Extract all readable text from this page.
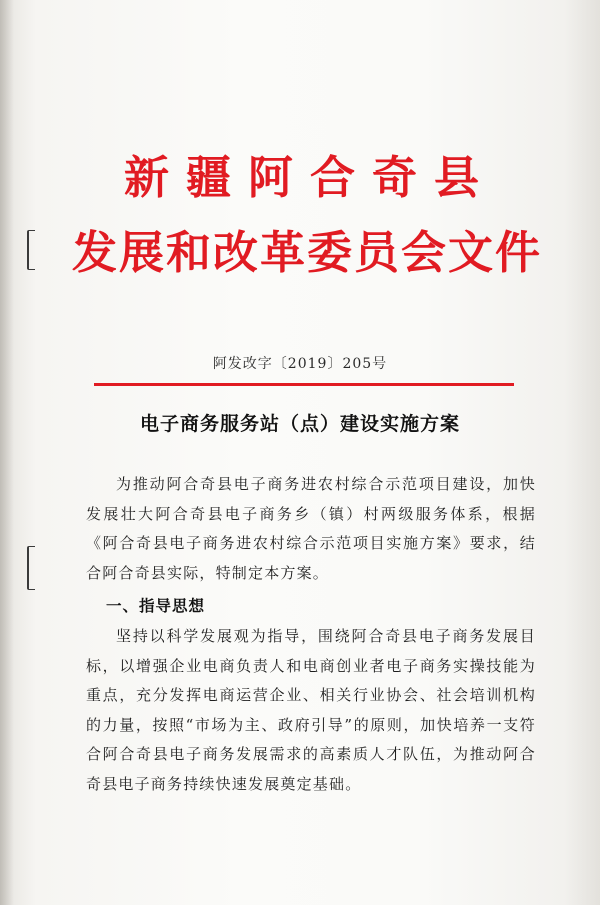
新疆阿合奇县
发展和改革委员会文件
阿发改字〔2019〕205号
电子商务服务站（点）建设实施方案

为推动阿合奇县电子商务进农村综合示范项目建设，加快发展壮大阿合奇县电子商务乡（镇）村两级服务体系，根据《阿合奇县电子商务进农村综合示范项目实施方案》要求，结合阿合奇县实际，特制定本方案。

一、指导思想

坚持以科学发展观为指导，围绕阿合奇县电子商务发展目标，以增强企业电商负责人和电商创业者电子商务实操技能为重点，充分发挥电商运营企业、相关行业协会、社会培训机构的力量，按照“市场为主、政府引导”的原则，加快培养一支符合阿合奇县电子商务发展需求的高素质人才队伍，为推动阿合奇县电子商务持续快速发展奠定基础。
